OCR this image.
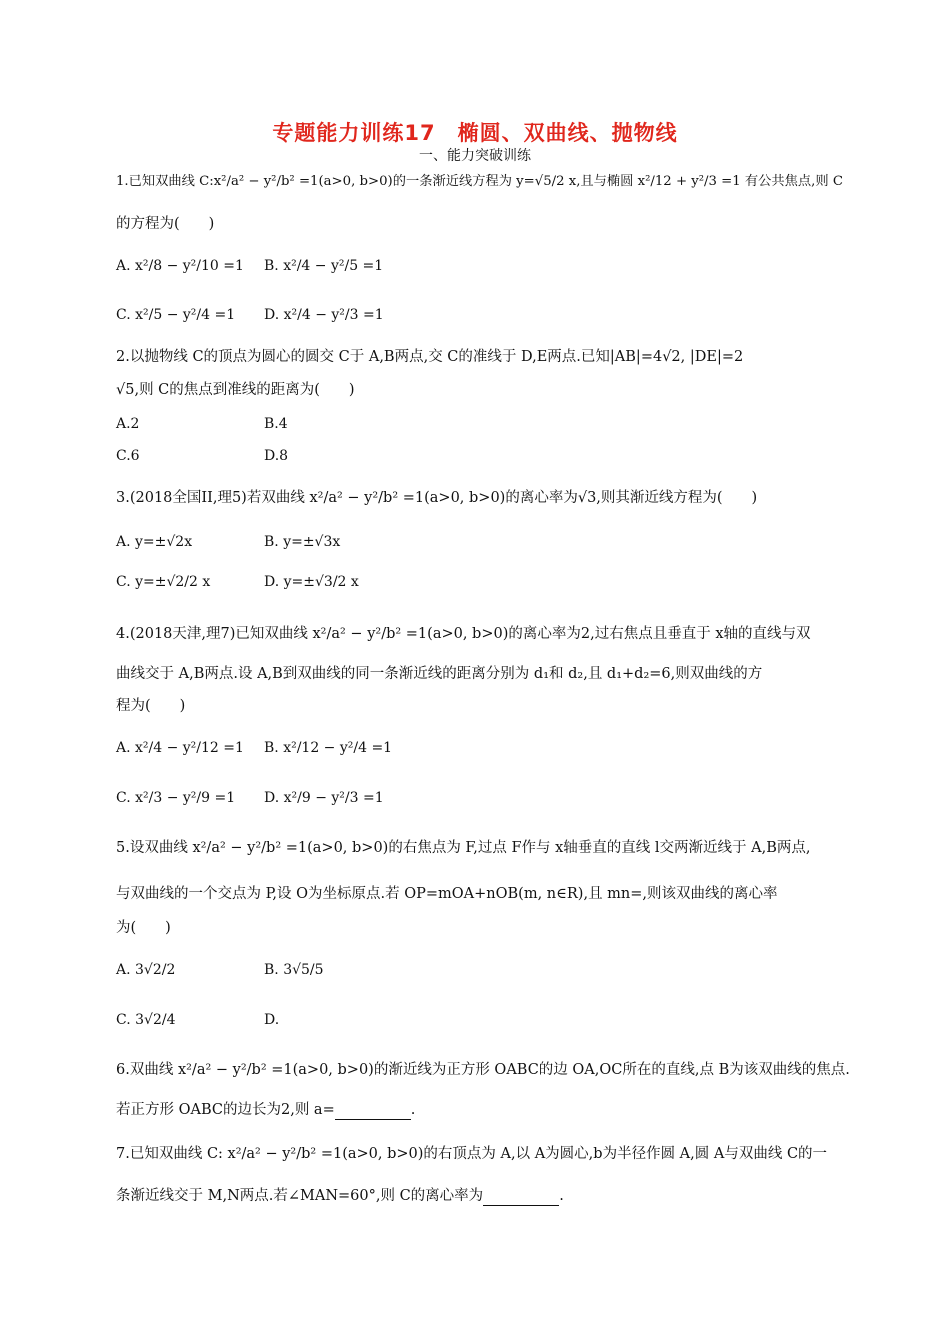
专题能力训练17　椭圆、双曲线、抛物线
一、能力突破训练
1.已知双曲线 C:x²/a² − y²/b² =1(a>0, b>0)的一条渐近线方程为 y=√5/2 x,且与椭圆 x²/12 + y²/3 =1 有公共焦点,则 C
的方程为(　　)
A. x²/8 − y²/10 =1 B. x²/4 − y²/5 =1
C. x²/5 − y²/4 =1 D. x²/4 − y²/3 =1
2.以抛物线 C的顶点为圆心的圆交 C于 A,B两点,交 C的准线于 D,E两点.已知|AB|=4√2, |DE|=2
√5,则 C的焦点到准线的距离为(　　)
A.2	B.4
C.6	D.8
3.(2018全国II,理5)若双曲线 x²/a² − y²/b² =1(a>0, b>0)的离心率为√3,则其渐近线方程为(　　)
A. y=±√2x	B. y=±√3x
C. y=±√2/2 x	D. y=±√3/2 x
4.(2018天津,理7)已知双曲线 x²/a² − y²/b² =1(a>0, b>0)的离心率为2,过右焦点且垂直于 x轴的直线与双
曲线交于 A,B两点.设 A,B到双曲线的同一条渐近线的距离分别为 d₁和 d₂,且 d₁+d₂=6,则双曲线的方
程为(　　)
A. x²/4 − y²/12 =1 B. x²/12 − y²/4 =1
C. x²/3 − y²/9 =1 D. x²/9 − y²/3 =1
5.设双曲线 x²/a² − y²/b² =1(a>0, b>0)的右焦点为 F,过点 F作与 x轴垂直的直线 l交两渐近线于 A,B两点,
与双曲线的一个交点为 P,设 O为坐标原点.若 OP=mOA+nOB(m, n∈R),且 mn=,则该双曲线的离心率
为(　　)
A. 3√2/2	B. 3√5/5
C. 3√2/4	D.
6.双曲线 x²/a² − y²/b² =1(a>0, b>0)的渐近线为正方形 OABC的边 OA,OC所在的直线,点 B为该双曲线的焦点.
若正方形 OABC的边长为2,则 a=	.
7.已知双曲线 C: x²/a² − y²/b² =1(a>0, b>0)的右顶点为 A,以 A为圆心,b为半径作圆 A,圆 A与双曲线 C的一
条渐近线交于 M,N两点.若∠MAN=60°,则 C的离心率为	.
